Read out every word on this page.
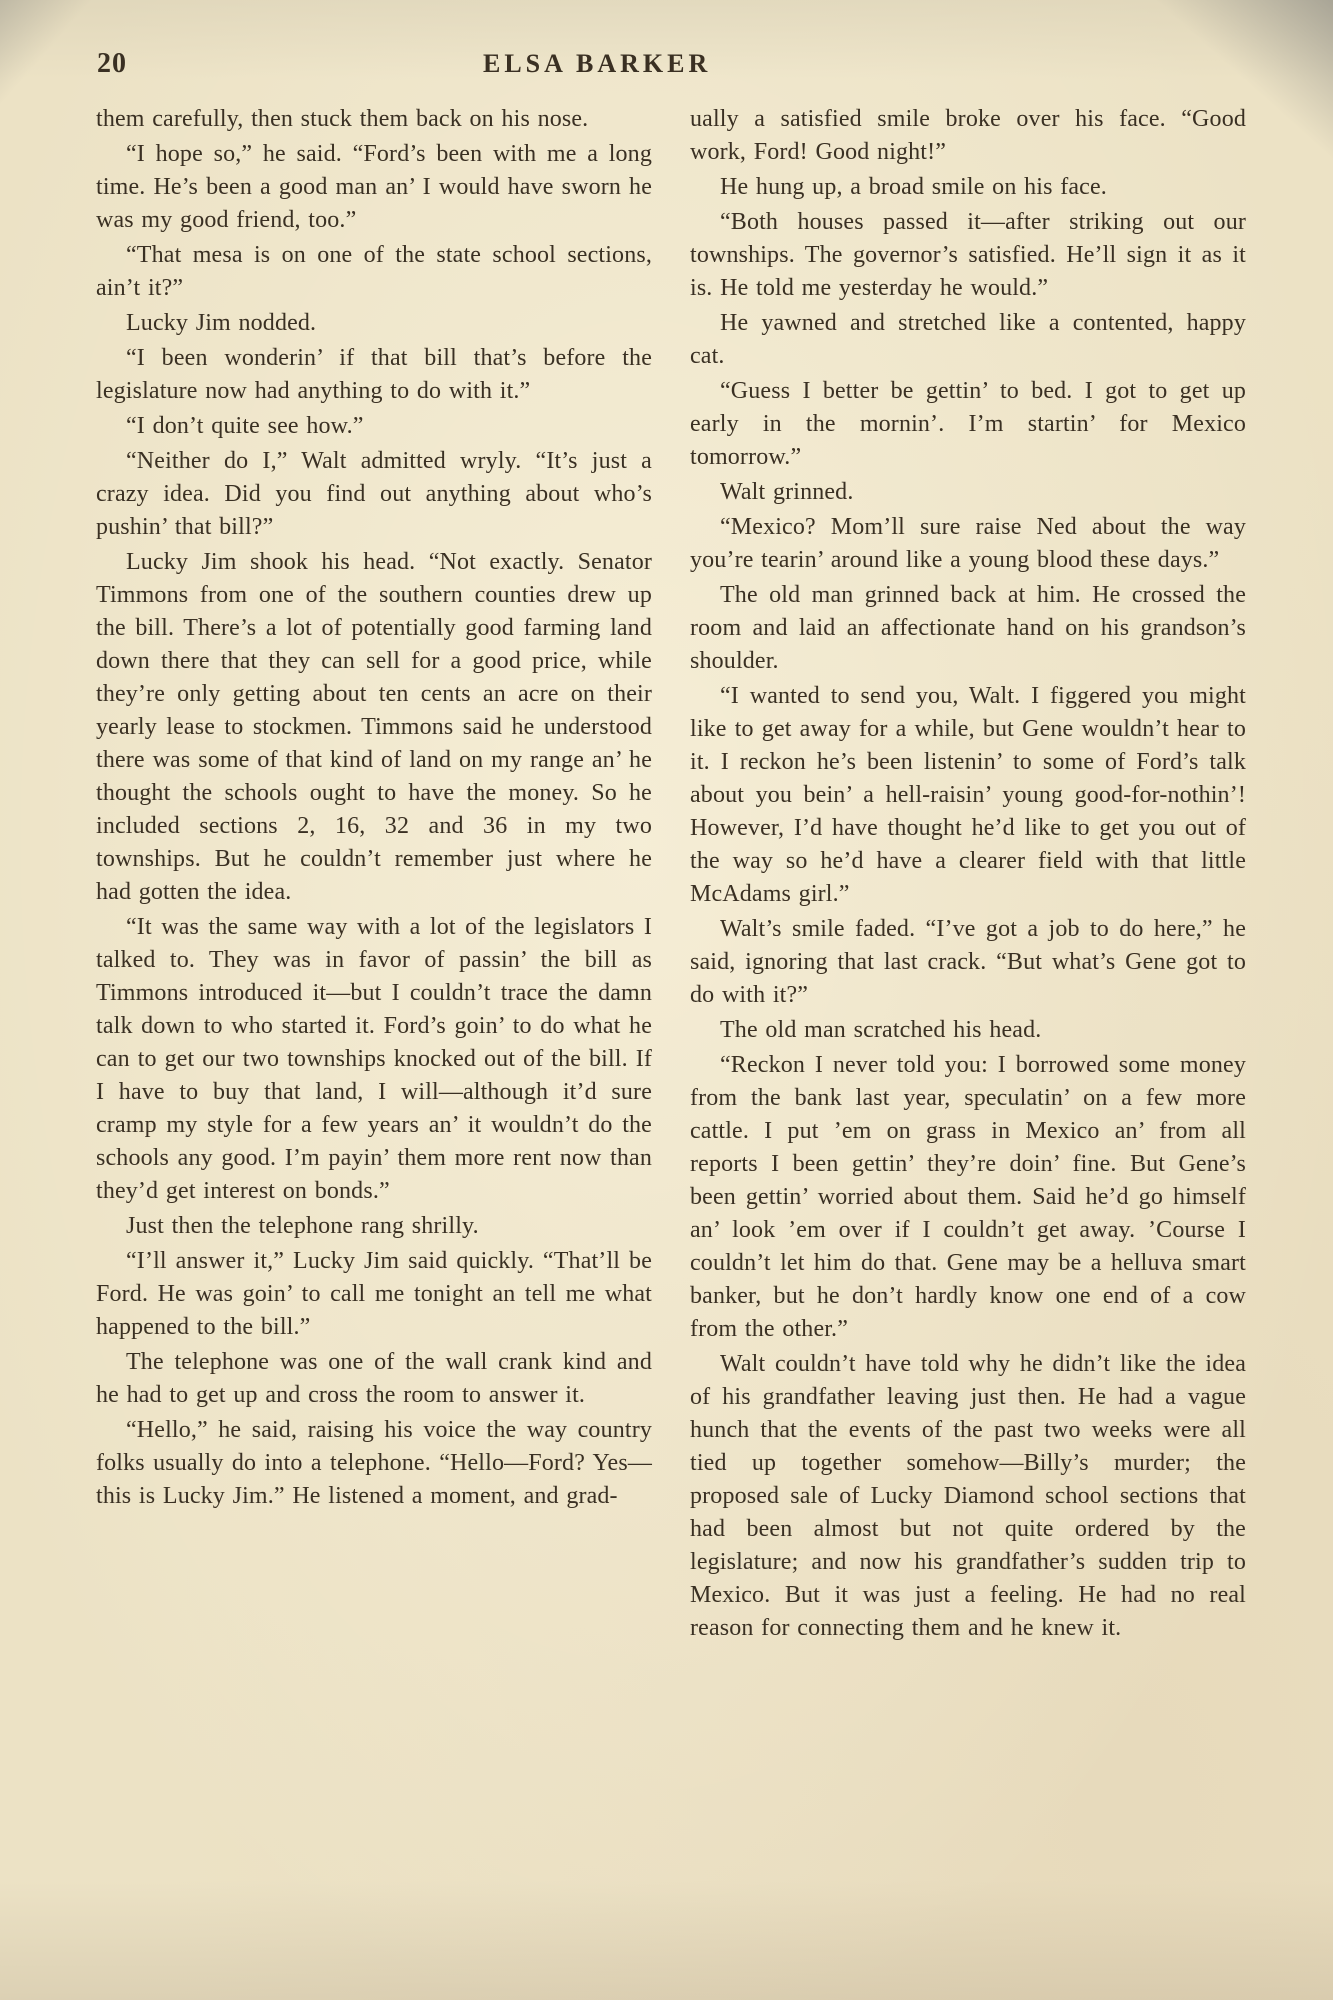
20	ELSA BARKER

them carefully, then stuck them back on his nose.

“I hope so,” he said. “Ford’s been with me a long time. He’s been a good man an’ I would have sworn he was my good friend, too.”

“That mesa is on one of the state school sections, ain’t it?”

Lucky Jim nodded.

“I been wonderin’ if that bill that’s before the legislature now had anything to do with it.”

“I don’t quite see how.”

“Neither do I,” Walt admitted wryly. “It’s just a crazy idea. Did you find out anything about who’s pushin’ that bill?”

Lucky Jim shook his head. “Not exactly. Senator Timmons from one of the southern counties drew up the bill. There’s a lot of potentially good farming land down there that they can sell for a good price, while they’re only getting about ten cents an acre on their yearly lease to stockmen. Timmons said he understood there was some of that kind of land on my range an’ he thought the schools ought to have the money. So he included sections 2, 16, 32 and 36 in my two townships. But he couldn’t remember just where he had gotten the idea.

“It was the same way with a lot of the legislators I talked to. They was in favor of passin’ the bill as Timmons introduced it—but I couldn’t trace the damn talk down to who started it. Ford’s goin’ to do what he can to get our two townships knocked out of the bill. If I have to buy that land, I will—although it’d sure cramp my style for a few years an’ it wouldn’t do the schools any good. I’m payin’ them more rent now than they’d get interest on bonds.”

Just then the telephone rang shrilly.

“I’ll answer it,” Lucky Jim said quickly. “That’ll be Ford. He was goin’ to call me tonight an tell me what happened to the bill.”

The telephone was one of the wall crank kind and he had to get up and cross the room to answer it.

“Hello,” he said, raising his voice the way country folks usually do into a telephone. “Hello—Ford? Yes—this is Lucky Jim.” He listened a moment, and grad-

ually a satisfied smile broke over his face. “Good work, Ford! Good night!”

He hung up, a broad smile on his face.

“Both houses passed it—after striking out our townships. The governor’s satisfied. He’ll sign it as it is. He told me yesterday he would.”

He yawned and stretched like a contented, happy cat.

“Guess I better be gettin’ to bed. I got to get up early in the mornin’. I’m startin’ for Mexico tomorrow.”

Walt grinned.

“Mexico? Mom’ll sure raise Ned about the way you’re tearin’ around like a young blood these days.”

The old man grinned back at him. He crossed the room and laid an affectionate hand on his grandson’s shoulder.

“I wanted to send you, Walt. I figgered you might like to get away for a while, but Gene wouldn’t hear to it. I reckon he’s been listenin’ to some of Ford’s talk about you bein’ a hell-raisin’ young good-for-nothin’! However, I’d have thought he’d like to get you out of the way so he’d have a clearer field with that little McAdams girl.”

Walt’s smile faded. “I’ve got a job to do here,” he said, ignoring that last crack. “But what’s Gene got to do with it?”

The old man scratched his head.

“Reckon I never told you: I borrowed some money from the bank last year, speculatin’ on a few more cattle. I put ’em on grass in Mexico an’ from all reports I been gettin’ they’re doin’ fine. But Gene’s been gettin’ worried about them. Said he’d go himself an’ look ’em over if I couldn’t get away. ’Course I couldn’t let him do that. Gene may be a helluva smart banker, but he don’t hardly know one end of a cow from the other.”

Walt couldn’t have told why he didn’t like the idea of his grandfather leaving just then. He had a vague hunch that the events of the past two weeks were all tied up together somehow—Billy’s murder; the proposed sale of Lucky Diamond school sections that had been almost but not quite ordered by the legislature; and now his grandfather’s sudden trip to Mexico. But it was just a feeling. He had no real reason for connecting them and he knew it.
